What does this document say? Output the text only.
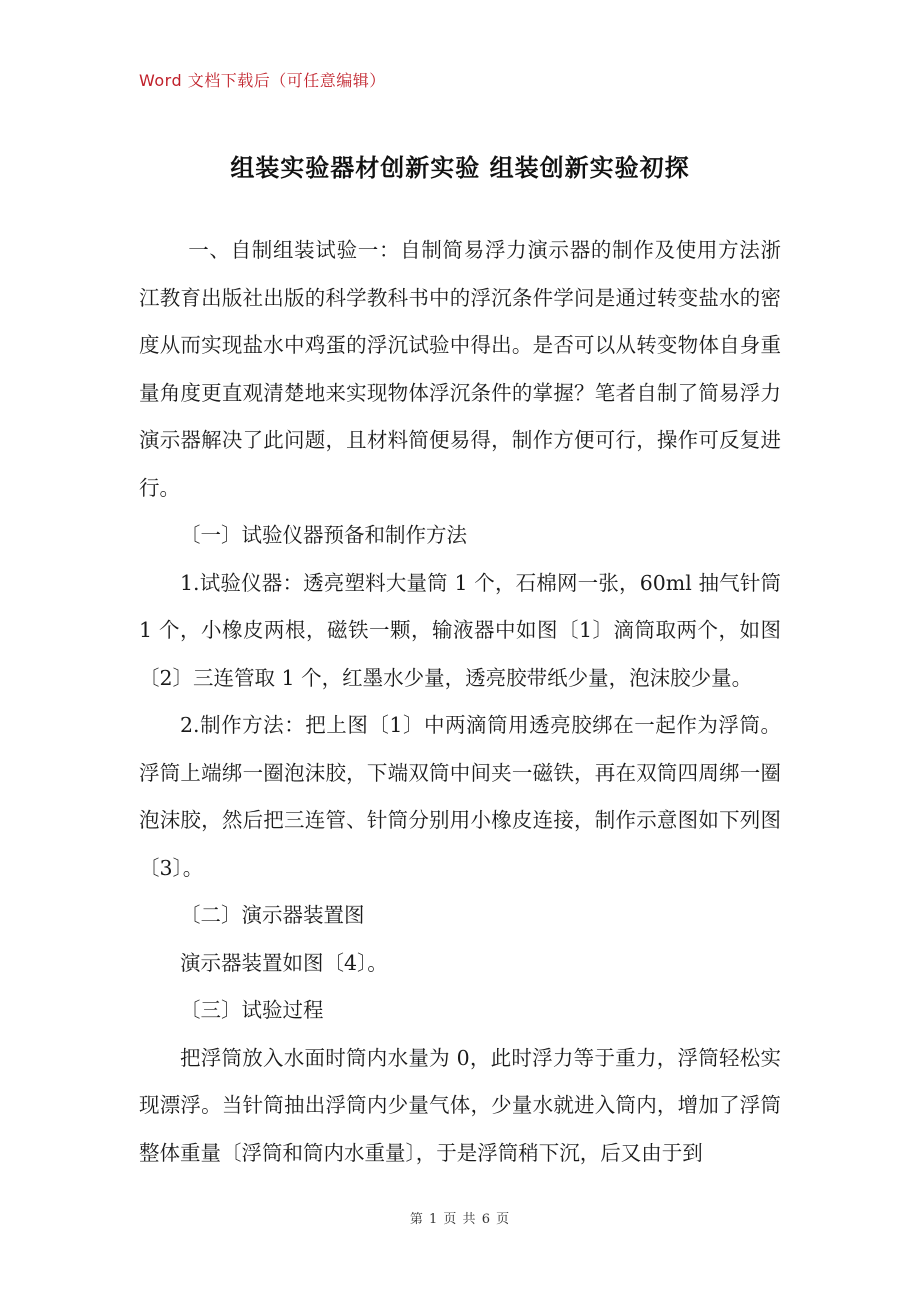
Word 文档下载后（可任意编辑）
组装实验器材创新实验 组装创新实验初探

一、自制组装试验一：自制简易浮力演示器的制作及使用方法浙江教育出版社出版的科学教科书中的浮沉条件学问是通过转变盐水的密度从而实现盐水中鸡蛋的浮沉试验中得出。是否可以从转变物体自身重量角度更直观清楚地来实现物体浮沉条件的掌握？笔者自制了简易浮力演示器解决了此问题，且材料简便易得，制作方便可行，操作可反复进行。

〔一〕试验仪器预备和制作方法

1.试验仪器：透亮塑料大量筒 1 个，石棉网一张，60ml 抽气针筒 1 个，小橡皮两根，磁铁一颗，输液器中如图〔1〕滴筒取两个，如图〔2〕三连管取 1 个，红墨水少量，透亮胶带纸少量，泡沫胶少量。

2.制作方法：把上图〔1〕中两滴筒用透亮胶绑在一起作为浮筒。浮筒上端绑一圈泡沫胶，下端双筒中间夹一磁铁，再在双筒四周绑一圈泡沫胶，然后把三连管、针筒分别用小橡皮连接，制作示意图如下列图〔3〕。

〔二〕演示器装置图

演示器装置如图〔4〕。

〔三〕试验过程

把浮筒放入水面时筒内水量为 0，此时浮力等于重力，浮筒轻松实现漂浮。当针筒抽出浮筒内少量气体，少量水就进入筒内，增加了浮筒整体重量〔浮筒和筒内水重量〕，于是浮筒稍下沉，后又由于到

第 1 页 共 6 页
